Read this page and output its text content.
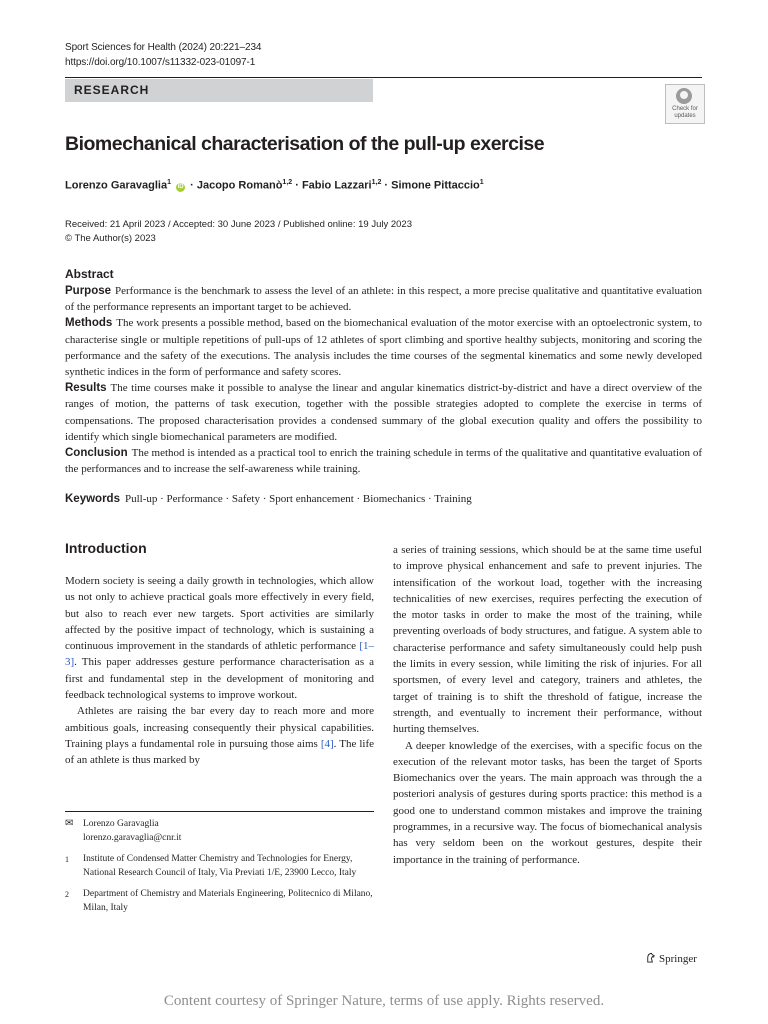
Sport Sciences for Health (2024) 20:221–234
https://doi.org/10.1007/s11332-023-01097-1
RESEARCH
Check for
updates
Biomechanical characterisation of the pull-up exercise
Lorenzo Garavaglia$^1$ iD · Jacopo Romanò$^{1,2}$ · Fabio Lazzari$^{1,2}$ · Simone Pittaccio$^1$
Received: 21 April 2023 / Accepted: 30 June 2023 / Published online: 19 July 2023
© The Author(s) 2023
Abstract
Purpose Performance is the benchmark to assess the level of an athlete: in this respect, a more precise qualitative and quantitative evaluation of the performance represents an important target to be achieved.
Methods The work presents a possible method, based on the biomechanical evaluation of the motor exercise with an optoelectronic system, to characterise single or multiple repetitions of pull-ups of 12 athletes of sport climbing and sportive healthy subjects, monitoring and scoring the performance and the safety of the executions. The analysis includes the time courses of the segmental kinematics and some newly developed synthetic indices in the form of performance and safety scores.
Results The time courses make it possible to analyse the linear and angular kinematics district-by-district and have a direct overview of the ranges of motion, the patterns of task execution, together with the possible strategies adopted to complete the exercise in terms of compensations. The proposed characterisation provides a condensed summary of the global execution quality and offers the possibility to identify which single biomechanical parameters are modified.
Conclusion The method is intended as a practical tool to enrich the training schedule in terms of the qualitative and quantitative evaluation of the performances and to increase the self-awareness while training.
Keywords Pull-up · Performance · Safety · Sport enhancement · Biomechanics · Training
Introduction

Modern society is seeing a daily growth in technologies, which allow us not only to achieve practical goals more effectively in every field, but also to reach ever new targets. Sport activities are similarly affected by the positive impact of technology, which is sustaining a continuous improvement in the standards of athletic performance [1–3]. This paper addresses gesture performance characterisation as a first and fundamental step in the development of monitoring and feedback technological systems to improve workout.

Athletes are raising the bar every day to reach more and more ambitious goals, increasing consequently their physical capabilities. Training plays a fundamental role in pursuing those aims [4]. The life of an athlete is thus marked by

a series of training sessions, which should be at the same time useful to improve physical enhancement and safe to prevent injuries. The intensification of the workout load, together with the increasing technicalities of new exercises, requires perfecting the execution of the motor tasks in order to make the most of the training, while preventing overloads of body structures, and fatigue. A system able to characterise performance and safety simultaneously could help push the limits in every session, while limiting the risk of injuries. For all sportsmen, of every level and category, trainers and athletes, the target of training is to shift the threshold of fatigue, increase the strength, and eventually to increment their performance, without hurting themselves.

A deeper knowledge of the exercises, with a specific focus on the execution of the relevant motor tasks, has been the target of Sports Biomechanics over the years. The main approach was through the a posteriori analysis of gestures during sports practice: this method is a good one to understand common mistakes and improve the training programmes, in a recursive way. The focus of biomechanical analysis has very seldom been on the workout gestures, despite their importance in the training of performance.

✉ Lorenzo Garavaglia
lorenzo.garavaglia@cnr.it
1 Institute of Condensed Matter Chemistry and Technologies for Energy, National Research Council of Italy, Via Previati 1/E, 23900 Lecco, Italy
2 Department of Chemistry and Materials Engineering, Politecnico di Milano, Milan, Italy
Springer
Content courtesy of Springer Nature, terms of use apply. Rights reserved.
